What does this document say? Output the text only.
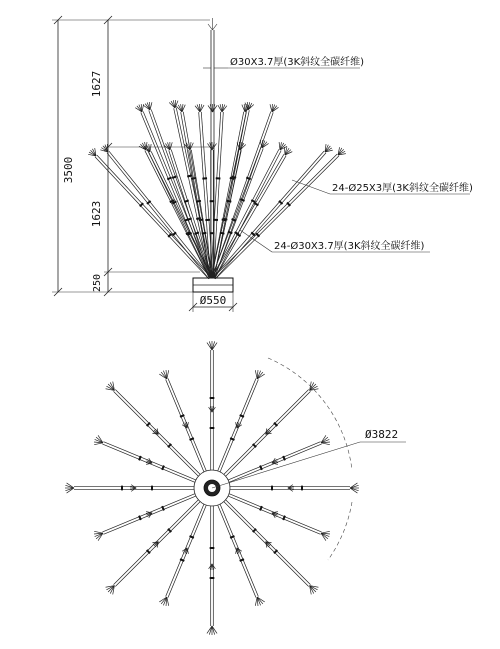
3500
1627
1623
250
Ø550
Ø30X3.7厚(3K斜纹全碳纤维)
24-Ø25X3厚(3K斜纹全碳纤维)
24-Ø30X3.7厚(3K斜纹全碳纤维)
Ø3822
